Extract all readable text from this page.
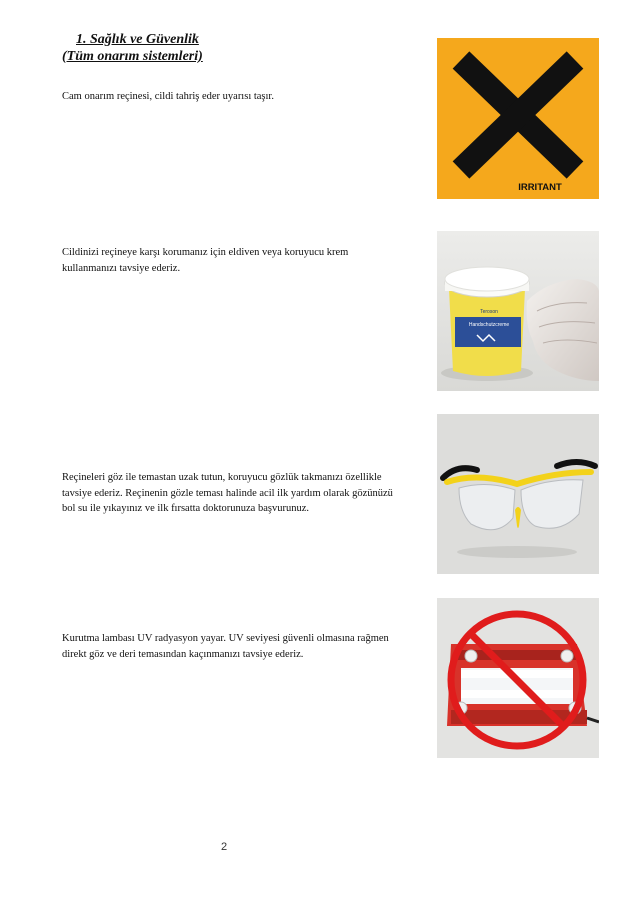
1. Sağlık ve Güvenlik
(Tüm onarım sistemleri)
Cam onarım reçinesi, cildi tahriş eder uyarısı taşır.
Cildinizi reçineye karşı korumanız için eldiven veya koruyucu krem kullanmanızı tavsiye ederiz.
Reçineleri göz ile temastan uzak tutun, koruyucu gözlük takmanızı özellikle tavsiye ederiz. Reçinenin gözle teması halinde acil ilk yardım olarak gözünüzü bol su ile yıkayınız ve ilk fırsatta doktorunuza başvurunuz.
Kurutma lambası UV radyasyon yayar. UV seviyesi güvenli olmasına rağmen direkt göz ve deri temasından kaçınmanızı tavsiye ederiz.
IRRITANT
Teroson
Handschutzcreme
2
